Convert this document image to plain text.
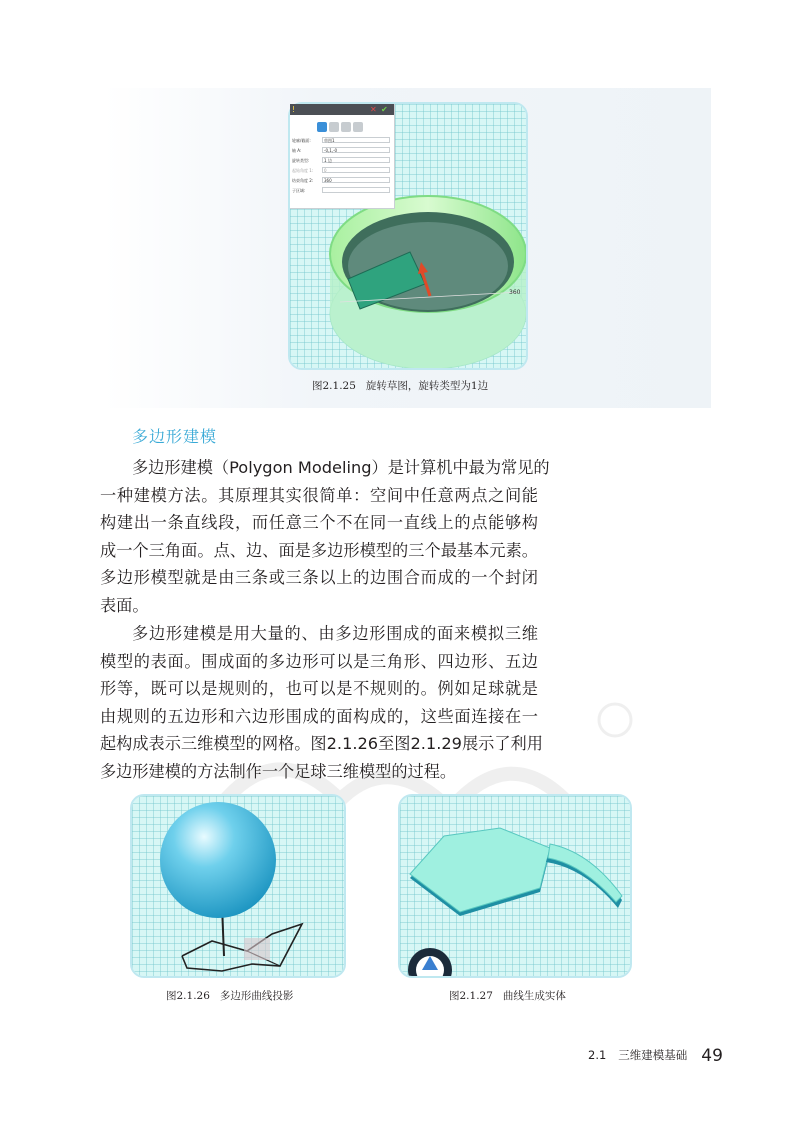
360
!	✕ ✔
轮廓/截面:	草图1
轴 A:	-0,1,-0
旋转类型:	1 边
起始角度 1:	0
结束角度 2:	360
子区域:
图2.1.25 旋转草图，旋转类型为1边
多边形建模
多边形建模（Polygon Modeling）是计算机中最为常见的
一种建模方法。其原理其实很简单：空间中任意两点之间能
构建出一条直线段，而任意三个不在同一直线上的点能够构
成一个三角面。点、边、面是多边形模型的三个最基本元素。
多边形模型就是由三条或三条以上的边围合而成的一个封闭
表面。
多边形建模是用大量的、由多边形围成的面来模拟三维
模型的表面。围成面的多边形可以是三角形、四边形、五边
形等，既可以是规则的，也可以是不规则的。例如足球就是
由规则的五边形和六边形围成的面构成的，这些面连接在一
起构成表示三维模型的网格。图2.1.26至图2.1.29展示了利用
多边形建模的方法制作一个足球三维模型的过程。
图2.1.26 多边形曲线投影	图2.1.27 曲线生成实体
2.1 三维建模基础 49
